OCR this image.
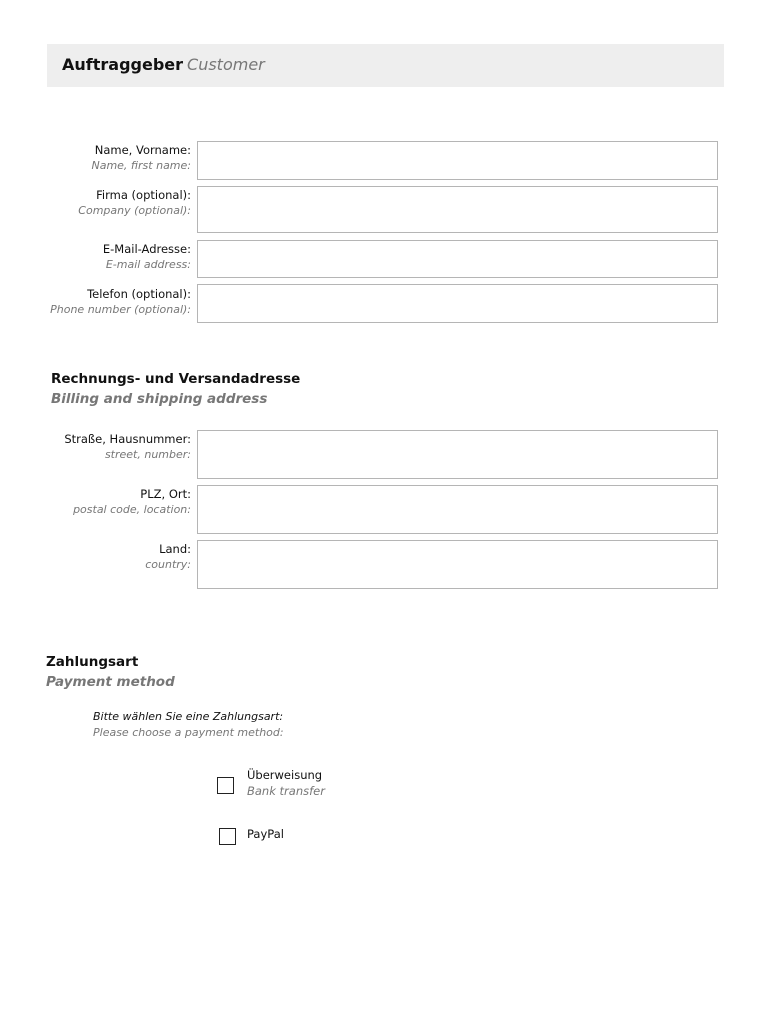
Auftraggeber Customer
Name, Vorname:
Name, first name:
Firma (optional):
Company (optional):
E-Mail-Adresse:
E-mail address:
Telefon (optional):
Phone number (optional):
Rechnungs- und Versandadresse
Billing and shipping address
Straße, Hausnummer:
street, number:
PLZ, Ort:
postal code, location:
Land:
country:
Zahlungsart
Payment method
Bitte wählen Sie eine Zahlungsart:
Please choose a payment method:
Überweisung
Bank transfer
PayPal
